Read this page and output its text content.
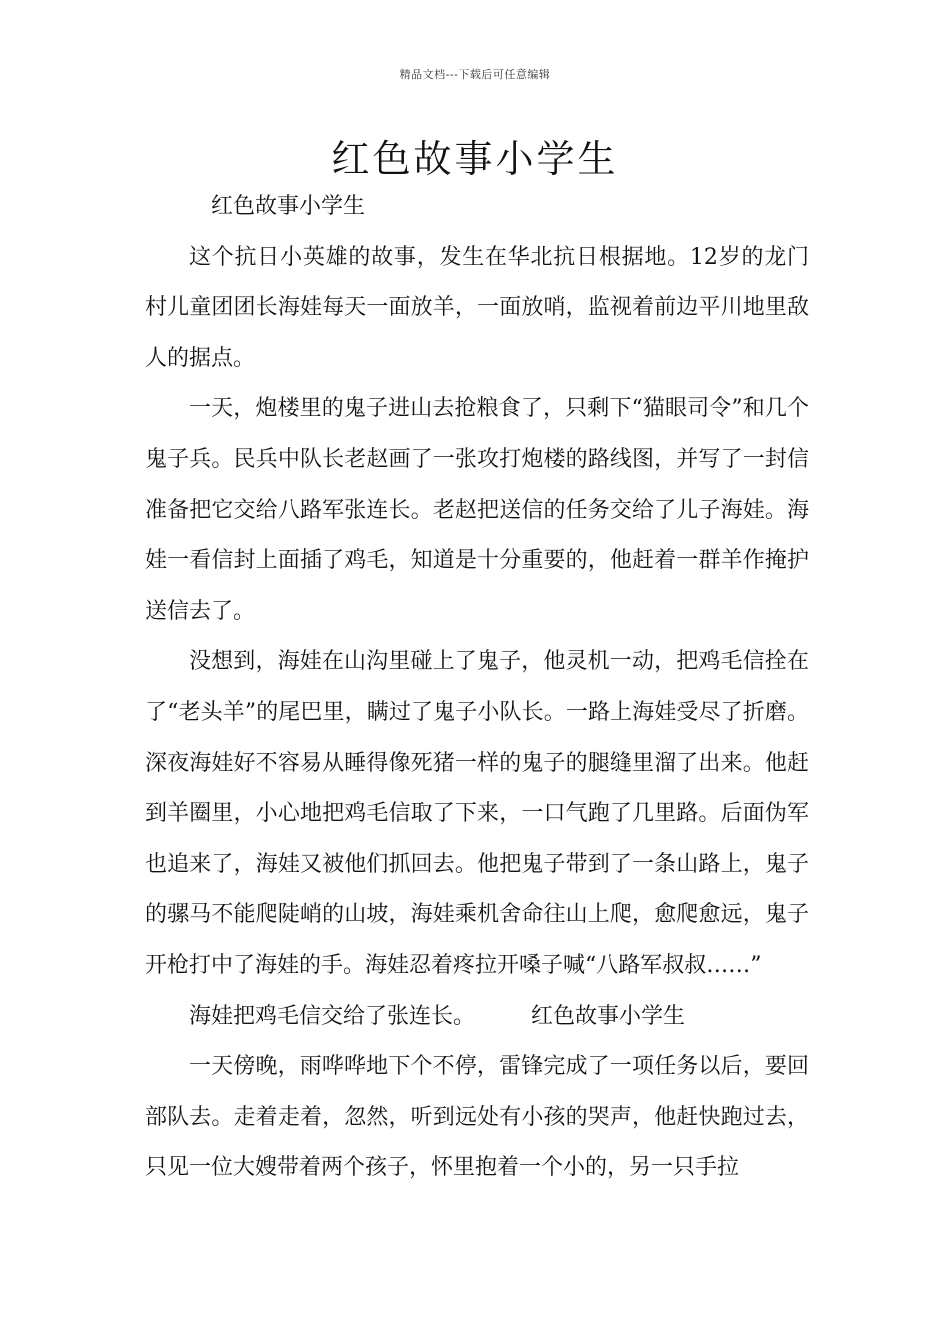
精品文档---下载后可任意编辑
红色故事小学生

红色故事小学生

这个抗日小英雄的故事，发生在华北抗日根据地。12岁的龙门村儿童团团长海娃每天一面放羊，一面放哨，监视着前边平川地里敌人的据点。

一天，炮楼里的鬼子进山去抢粮食了，只剩下“猫眼司令”和几个鬼子兵。民兵中队长老赵画了一张攻打炮楼的路线图，并写了一封信准备把它交给八路军张连长。老赵把送信的任务交给了儿子海娃。海娃一看信封上面插了鸡毛，知道是十分重要的，他赶着一群羊作掩护送信去了。

没想到，海娃在山沟里碰上了鬼子，他灵机一动，把鸡毛信拴在了“老头羊”的尾巴里，瞒过了鬼子小队长。一路上海娃受尽了折磨。深夜海娃好不容易从睡得像死猪一样的鬼子的腿缝里溜了出来。他赶到羊圈里，小心地把鸡毛信取了下来，一口气跑了几里路。后面伪军也追来了，海娃又被他们抓回去。他把鬼子带到了一条山路上，鬼子的骡马不能爬陡峭的山坡，海娃乘机舍命往山上爬，愈爬愈远，鬼子开枪打中了海娃的手。海娃忍着疼拉开嗓子喊“八路军叔叔……”

海娃把鸡毛信交给了张连长。	红色故事小学生

一天傍晚，雨哗哗地下个不停，雷锋完成了一项任务以后，要回部队去。走着走着，忽然，听到远处有小孩的哭声，他赶快跑过去，只见一位大嫂带着两个孩子，怀里抱着一个小的，另一只手拉
